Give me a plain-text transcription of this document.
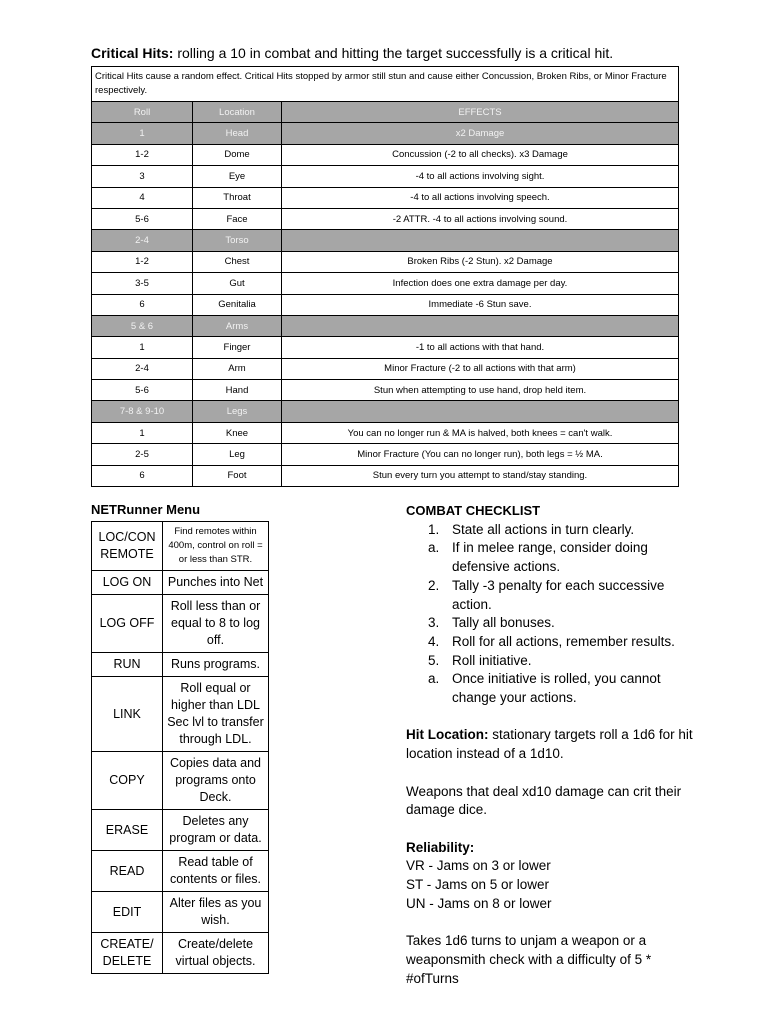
Critical Hits: rolling a 10 in combat and hitting the target successfully is a critical hit.
Critical Hits cause a random effect. Critical Hits stopped by armor still stun and cause either Concussion, Broken Ribs, or Minor Fracture respectively.		
Roll	Location	EFFECTS
1	Head	x2 Damage
1-2	Dome	Concussion (-2 to all checks). x3 Damage
3	Eye	-4 to all actions involving sight.
4	Throat	-4 to all actions involving speech.
5-6	Face	-2 ATTR. -4 to all actions involving sound.
2-4	Torso	
1-2	Chest	Broken Ribs (-2 Stun). x2 Damage
3-5	Gut	Infection does one extra damage per day.
6	Genitalia	Immediate -6 Stun save.
5 & 6	Arms	
1	Finger	-1 to all actions with that hand.
2-4	Arm	Minor Fracture (-2 to all actions with that arm)
5-6	Hand	Stun when attempting to use hand, drop held item.
7-8 & 9-10	Legs	
1	Knee	You can no longer run & MA is halved, both knees = can't walk.
2-5	Leg	Minor Fracture (You can no longer run), both legs = ½ MA.
6	Foot	Stun every turn you attempt to stand/stay standing.
NETRunner Menu
LOC/CON REMOTE	Find remotes within 400m, control on roll = or less than STR.
LOG ON	Punches into Net
LOG OFF	Roll less than or equal to 8 to log off.
RUN	Runs programs.
LINK	Roll equal or higher than LDL Sec lvl to transfer through LDL.
COPY	Copies data and programs onto Deck.
ERASE	Deletes any program or data.
READ	Read table of contents or files.
EDIT	Alter files as you wish.
CREATE/ DELETE	Create/delete virtual objects.
COMBAT CHECKLIST
1. State all actions in turn clearly.
a. If in melee range, consider doing defensive actions.
2. Tally -3 penalty for each successive action.
3. Tally all bonuses.
4. Roll for all actions, remember results.
5. Roll initiative.
a. Once initiative is rolled, you cannot change your actions.

Hit Location: stationary targets roll a 1d6 for hit location instead of a 1d10.

Weapons that deal xd10 damage can crit their damage dice.

Reliability:

VR - Jams on 3 or lower

ST - Jams on 5 or lower

UN - Jams on 8 or lower

Takes 1d6 turns to unjam a weapon or a weaponsmith check with a difficulty of 5 * #ofTurns
